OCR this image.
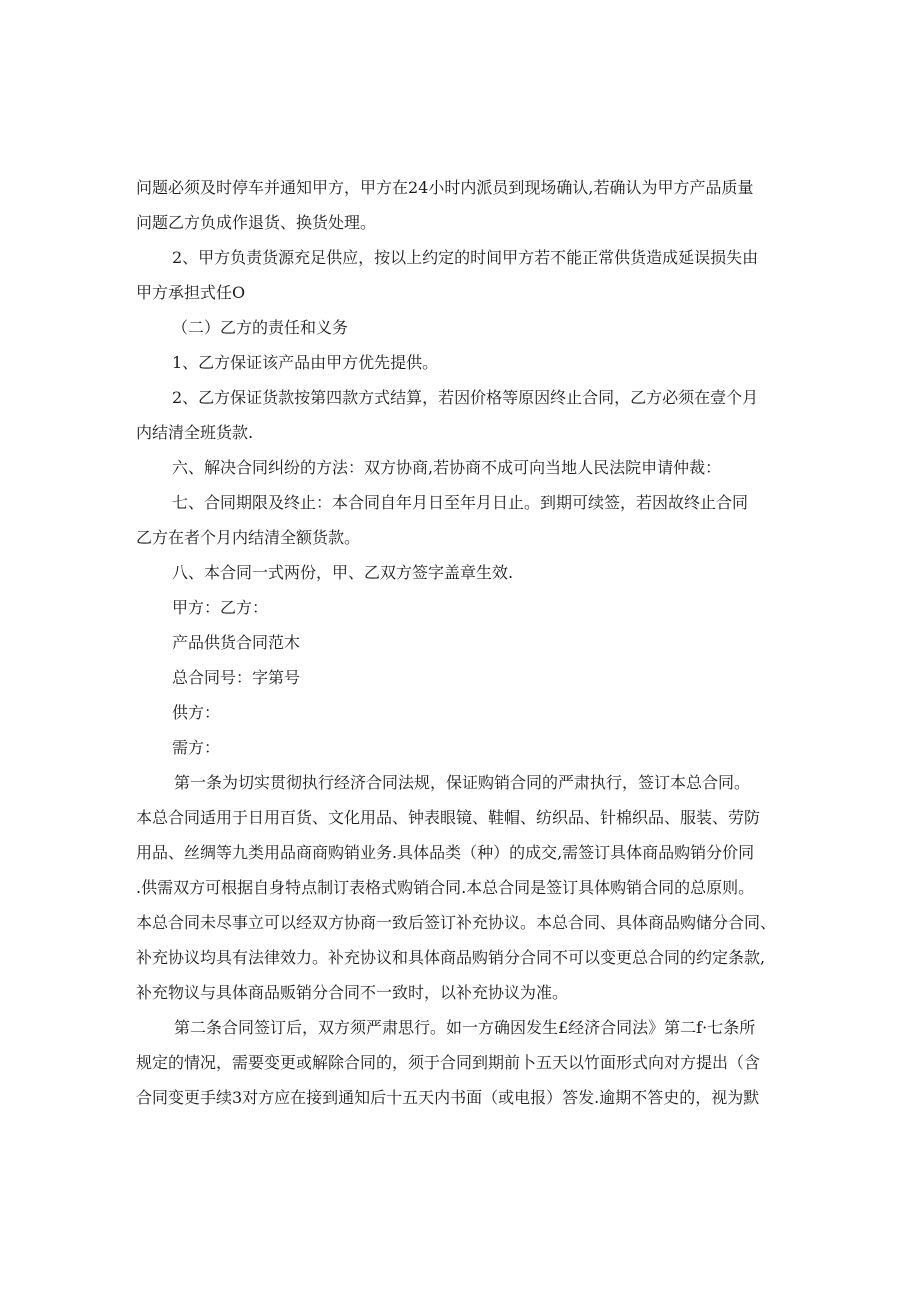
问题必须及时停车并通知甲方，甲方在24小时内派员到现场确认,若确认为甲方产品质量
问题乙方负成作退货、换货处理。
2、甲方负责货源充足供应，按以上约定的时间甲方若不能正常供货造成延误损失由
甲方承担式任O
（二）乙方的责任和义务
1、乙方保证该产品由甲方优先提供。
2、乙方保证货款按第四款方式结算，若因价格等原因终止合同，乙方必须在壹个月
内结清全班货款.
六、解决合同纠纷的方法：双方协商,若协商不成可向当地人民法院申请仲裁：
七、合同期限及终止：本合同自年月日至年月日止。到期可续签，若因故终止合同
乙方在者个月内结清全额货款。
八、本合同一式两份，甲、乙双方签字盖章生效.
甲方：乙方：
产品供货合同范木
总合同号：字第号
供方：
需方：
第一条为切实贯彻执行经济合同法规，保证购销合同的严肃执行，签订本总合同。
本总合同适用于日用百货、文化用品、钟表眼镜、鞋帽、纺织品、针棉织品、服装、劳防
用品、丝绸等九类用品商商购销业务.具体品类（种）的成交,需签订具体商品购销分价同
.供需双方可根据自身特点制订表格式购销合同.本总合同是签订具体购销合同的总原则。
本总合同未尽事立可以经双方协商一致后签订补充协议。本总合同、具体商品购储分合同、
补充协议均具有法律效力。补充协议和具体商品购销分合同不可以变更总合同的约定条款,
补充物议与具体商品贩销分合同不一致时，以补充协议为准。
第二条合同签订后，双方须严肃思行。如一方确因发生£经济合同法》第二f·七条所
规定的情况，需要变更或解除合同的，须于合同到期前卜五天以竹面形式向对方提出（含
合同变更手续3对方应在接到通知后十五天内书面（或电报）答发.逾期不答史的，视为默
